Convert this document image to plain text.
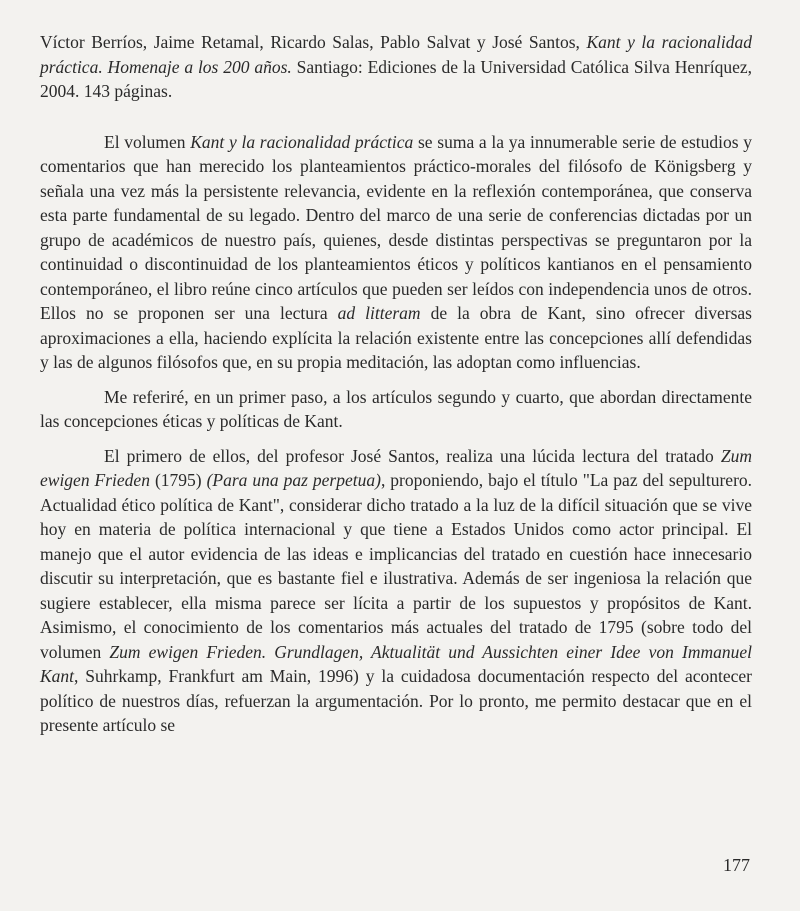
Víctor Berríos, Jaime Retamal, Ricardo Salas, Pablo Salvat y José Santos, Kant y la racionalidad práctica. Homenaje a los 200 años. Santiago: Ediciones de la Universidad Católica Silva Henríquez, 2004. 143 páginas.

El volumen Kant y la racionalidad práctica se suma a la ya innumerable serie de estudios y comentarios que han merecido los planteamientos práctico-morales del filósofo de Königsberg y señala una vez más la persistente relevancia, evidente en la reflexión contemporánea, que conserva esta parte fundamental de su legado. Dentro del marco de una serie de conferencias dictadas por un grupo de académicos de nuestro país, quienes, desde distintas perspectivas se preguntaron por la continuidad o discontinuidad de los planteamientos éticos y políticos kantianos en el pensamiento contemporáneo, el libro reúne cinco artículos que pueden ser leídos con independencia unos de otros. Ellos no se proponen ser una lectura ad litteram de la obra de Kant, sino ofrecer diversas aproximaciones a ella, haciendo explícita la relación existente entre las concepciones allí defendidas y las de algunos filósofos que, en su propia meditación, las adoptan como influencias.

Me referiré, en un primer paso, a los artículos segundo y cuarto, que abordan directamente las concepciones éticas y políticas de Kant.

El primero de ellos, del profesor José Santos, realiza una lúcida lectura del tratado Zum ewigen Frieden (1795) (Para una paz perpetua), proponiendo, bajo el título "La paz del sepulturero. Actualidad ético política de Kant", considerar dicho tratado a la luz de la difícil situación que se vive hoy en materia de política internacional y que tiene a Estados Unidos como actor principal. El manejo que el autor evidencia de las ideas e implicancias del tratado en cuestión hace innecesario discutir su interpretación, que es bastante fiel e ilustrativa. Además de ser ingeniosa la relación que sugiere establecer, ella misma parece ser lícita a partir de los supuestos y propósitos de Kant. Asimismo, el conocimiento de los comentarios más actuales del tratado de 1795 (sobre todo del volumen Zum ewigen Frieden. Grundlagen, Aktualität und Aussichten einer Idee von Immanuel Kant, Suhrkamp, Frankfurt am Main, 1996) y la cuidadosa documentación respecto del acontecer político de nuestros días, refuerzan la argumentación. Por lo pronto, me permito destacar que en el presente artículo se

177
